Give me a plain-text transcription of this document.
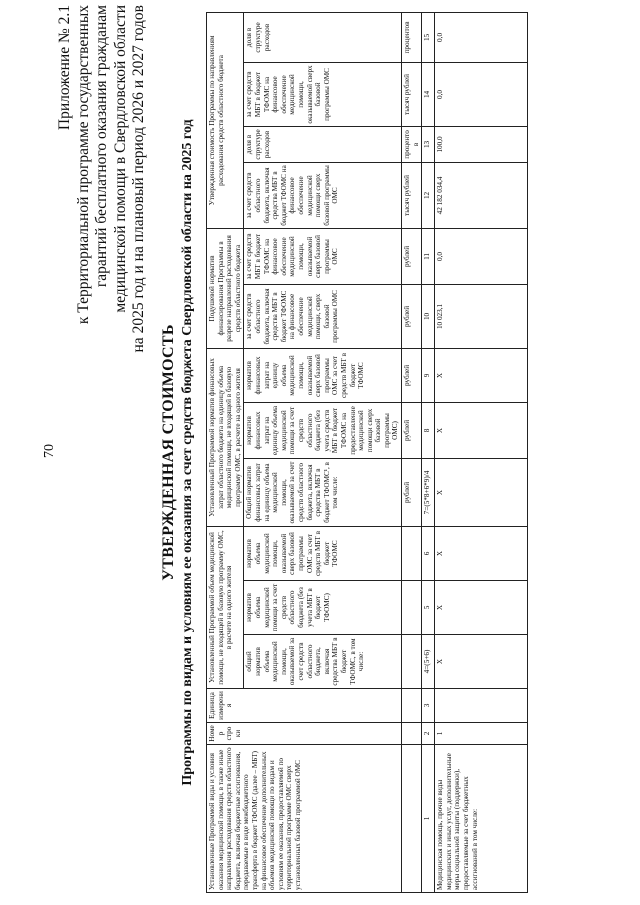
70
Приложение № 2.1 к Территориальной программе государственных гарантий бесплатного оказания гражданам медицинской помощи в Свердловской области на 2025 год и на плановый период 2026 и 2027 годов
УТВЕРЖДЕННАЯ СТОИМОСТЬ Программы по видам и условиям ее оказания за счет средств бюджета Свердловской области на 2025 год
Установленные Программой виды и условия оказания медицинской помощи, в также иные направления расходования средств областного бюджета, включая бюджетные ассигнования, передаваемые в виде межбюджетного трансферта в бюджет ТФОМС (далее – МБТ) на финансовое обеспечение дополнительных объемов медицинской помощи по видам и условиям ее оказания, предоставляемой по территориальной программе ОМС сверх установленных базовой программой ОМС	Номер строки	Единица измерения	Установленный Программой объем медицинской помощи, не входящей в базовую программу ОМС, в расчете на одного жителя			Установленный Программой норматив финансовых затрат областного бюджета на единицу объема медицинской помощи, не входящей в базовую программу ОМС, в расчете на одного жителя			Подушевой норматив финансирования Программы в разрезе направлений расходования средств областного бюджета		Утвержденная стоимость Программы по направлениям расходования средств областного бюджета			
			общий норматив объема медицинской помощи, оказываемой за счет средств областного бюджета, включая средства МБТ в бюджет ТФОМС, в том числе:	норматив объема медицинской помощи за счет средств областного бюджета (без учета МБТ в бюджет ТФОМС)	норматив объема медицинской помощи, оказываемой сверх базовой программы ОМС за счет средств МБТ в бюджет ТФОМС	Общий норматив финансовых затрат на единицу объема медицинской помощи, оказываемой за счет средств областного бюджета, включая средства МБТ в бюджет ТФОМС¹, в том числе:	норматив финансовых затрат на единицу объема медицинской помощи за счет средств областного бюджета (без учета средств МБТ в бюджет ТФОМС на предоставление медицинской помощи сверх базовой программы ОМС)	норматив финансовых затрат на единицу объема медицинской помощи, оказываемой сверх базовой программы ОМС за счет средств МБТ в бюджет ТФОМС	за счет средств областного бюджета, включая средства МБТ в бюджет ТФОМС на финансовое обеспечение медицинской помощи, сверх базовой программы ОМС	за счет средств МБТ в бюджет ТФОМС на финансовое обеспечение медицинской помощи, оказываемой сверх базовой программы ОМС	за счет средств областного бюджета, включая средства МБТ в бюджет ТФОМС на финансовое обеспечение медицинской помощи сверх базовой программы ОМС	доля в структуре расходов	за счет средств МБТ в бюджет ТФОМС на финансовое обеспечение медицинской помощи, оказываемой сверх базовой программы ОМС	доля в структуре расходов
						рублей	рублей	рублей	рублей	рублей	тысяч рублей	процентов	тысяч рублей	процентов
1	2	3	4=(5+6)	5	6	7=(5*8+6*9)/4	8	9	10	11	12	13	14	15
Медицинская помощь, прочие виды медицинских и иных услуг, дополнительные меры социальной защиты (поддержки), предоставляемые за счет бюджетных ассигнований в том числе:	1		X	X	X	X	X	X	10 023,1	0,0	42 182 034,4	100,0	0,0	0,0
